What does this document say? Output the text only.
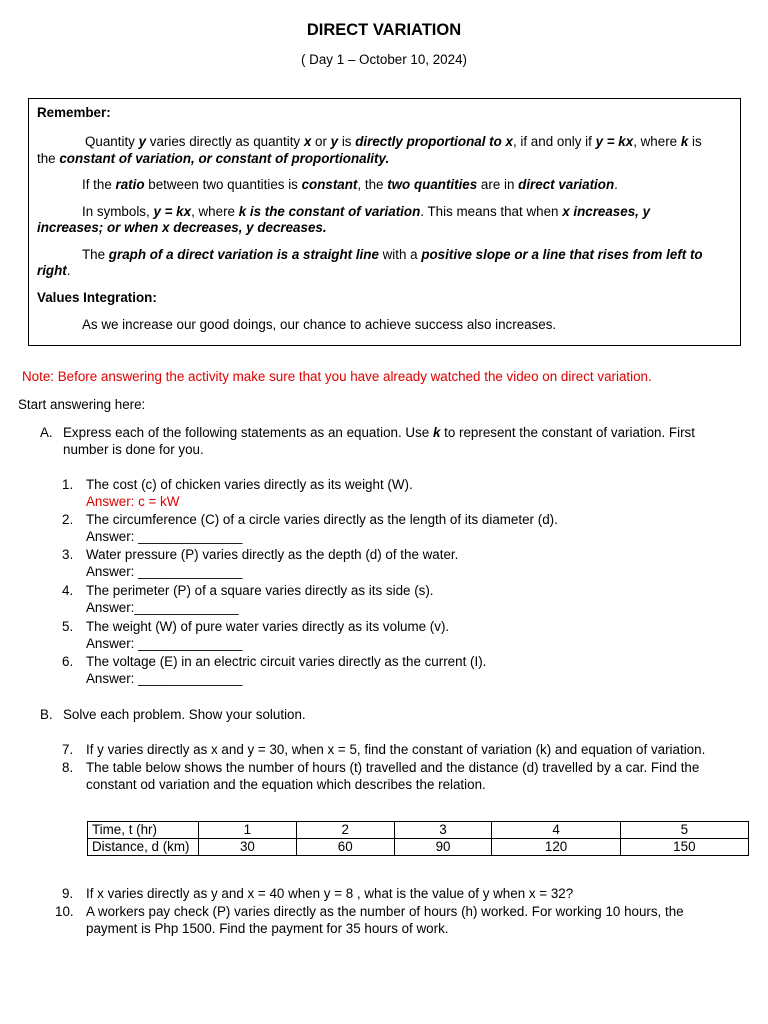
DIRECT VARIATION
( Day 1 – October 10, 2024)

Remember:

Quantity y varies directly as quantity x or y is directly proportional to x, if and only if y = kx, where k is

the constant of variation, or constant of proportionality.

If the ratio between two quantities is constant, the two quantities are in direct variation.

In symbols, y = kx, where k is the constant of variation. This means that when x increases, y

increases; or when x decreases, y decreases.

The graph of a direct variation is a straight line with a positive slope or a line that rises from left to

right.

Values Integration:

As we increase our good doings, our chance to achieve success also increases.

Note: Before answering the activity make sure that you have already watched the video on direct variation.
Start answering here:
A. Express each of the following statements as an equation. Use k to represent the constant of variation. First
number is done for you.
1. The cost (c) of chicken varies directly as its weight (W).
Answer: c = kW
2. The circumference (C) of a circle varies directly as the length of its diameter (d).
Answer: ______________
3. Water pressure (P) varies directly as the depth (d) of the water.
Answer: ______________
4. The perimeter (P) of a square varies directly as its side (s).
Answer:______________
5. The weight (W) of pure water varies directly as its volume (v).
Answer: ______________
6. The voltage (E) in an electric circuit varies directly as the current (I).
Answer: ______________
B. Solve each problem. Show your solution.
7. If y varies directly as x and y = 30, when x = 5, find the constant of variation (k) and equation of variation.
8. The table below shows the number of hours (t) travelled and the distance (d) travelled by a car. Find the
constant od variation and the equation which describes the relation.
9. If x varies directly as y and x = 40 when y = 8 , what is the value of y when x = 32?
10. A workers pay check (P) varies directly as the number of hours (h) worked. For working 10 hours, the
payment is Php 1500. Find the payment for 35 hours of work.
Time, t (hr)	1	2	3	4	5
Distance, d (km)	30	60	90	120	150
